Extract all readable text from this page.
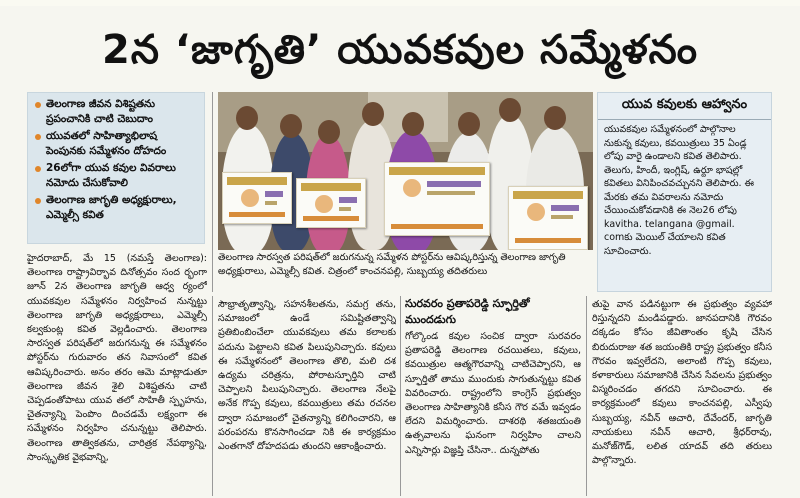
2న ‘జాగృతి’ యువకవుల సమ్మేళనం

తెలంగాణ జీవన విశిష్టతను ప్రపంచానికి చాటి చెబుదాం

యువతలో సాహిత్యాభిలాష పెంపునకు సమ్మేళనం దోహదం

26లోగా యువ కవుల వివరాలు నమోదు చేసుకోవాలి

తెలంగాణ జాగృతి అధ్యక్షురాలు, ఎమ్మెల్సీ కవిత

తెలంగాణ సారస్వత పరిషత్‌లో జరుగనున్న సమ్మేళన పోస్టర్‌ను ఆవిష్కరిస్తున్న తెలంగాణ జాగృతి అధ్యక్షురాలు, ఎమ్మెల్సీ కవిత. చిత్రంలో కాంచనపల్లి, సుబ్బయ్య తదితరులు
యువ కవులకు ఆహ్వానం

యువకవుల సమ్మేళనంలో పాల్గొనాల నుకున్న కవులు, కవయిత్రులు 35 ఏండ్ల లోపు వారై ఉండాలని కవిత తెలిపారు. తెలుగు, హిందీ, ఇంగ్లిష్, ఉర్దూ భాషల్లో కవితలు వినిపించవచ్చునని తెలిపారు. ఈ మేరకు తమ వివరాలను నమోదు చేయించుకోవడానికి ఈ నెల26 లోపు kavitha. telangana @gmail. comకు మెయిల్ చేయాలని కవిత సూచించారు.

హైదరాబాద్, మే 15 (నమస్తే తెలంగాణ): తెలంగాణ రాష్ట్రావిర్భావ దినోత్సవం సంద ర్భంగా జూన్ 2న తెలంగాణ జాగృతి ఆధ్వ ర్యంలో యువకవుల సమ్మేళనం నిర్వహించ నున్నట్టు తెలంగాణ జాగృతి అధ్యక్షురాలు, ఎమ్మెల్సీ కల్వకుంట్ల కవిత వెల్లడించారు. తెలంగాణ సారస్వత పరిషత్‌లో జరుగనున్న ఈ సమ్మేళనం పోస్టర్‌ను గురువారం తన నివాసంలో కవిత ఆవిష్కరించారు. అనం తరం ఆమె మాట్లాడుతూ తెలంగాణ జీవన శైలి విశిష్టతను చాటి చెప్పడంతోపాటు యువ తలో సాహితీ స్పృహను, చైతన్యాన్ని పెంపొం దించడమే లక్ష్యంగా ఈ సమ్మేళనం నిర్వహిం చనున్నట్టు తెలిపారు. తెలంగాణ తాత్వికతను, చారిత్రక నేపథ్యాన్ని, సాంస్కృతిక వైభవాన్ని,

సౌభ్రాతృత్వాన్ని, సహనశీలతను, సమగ్ర తను, సమాజంలో ఉండే సమిష్టితత్వాన్ని ప్రతిబింబించేలా యువకవులు తమ కలాలకు పదును పెట్టాలని కవిత పిలుపునిచ్చారు. కవులు ఈ సమ్మేళనంలో తెలంగాణ తొలి, మలి దశ ఉద్యమ చరిత్రను, పోరాటస్ఫూర్తిని చాటి చెప్పాలని పిలుపునిచ్చారు. తెలంగాణ నేలపై అనేక గొప్ప కవులు, కవయిత్రులు తమ రచనల ద్వారా సమాజంలో చైతన్యాన్ని కలిగించారని, ఆ పరంపరను కొనసాగించడా నికి ఈ కార్యక్రమం ఎంతగానో దోహదపడు తుందని ఆకాంక్షించారు.

సురవరం ప్రతాపరెడ్డి స్ఫూర్తితో ముందడుగు

గోల్కొండ కవుల సంచిక ద్వారా సురవరం ప్రతాపరెడ్డి తెలంగాణ రచయితలు, కవులు, కవయిత్రుల ఆత్మగౌరవాన్ని చాటిచెప్పారని, ఆ స్ఫూర్తితో తాము ముందుకు సాగుతున్నట్టు కవిత వివరించారు. రాష్ట్రంలోని కాంగ్రెస్ ప్రభుత్వం తెలంగాణ సాహిత్యానికి కనీస గౌర వమే ఇవ్వడం లేదని విమర్శించారు. దాశరథి శతజయంతి ఉత్సవాలను ఘనంగా నిర్వహిం చాలని ఎన్నిసార్లు విజ్ఞప్తి చేసినా.. దున్నపోతు

తుపై వాన పడినట్టుగా ఈ ప్రభుత్వం వ్యవహా రిస్తున్నదని మండిపడ్డారు. జానపదానికి గౌరవం దక్కడం కోసం జీవితాంతం కృషి చేసిన బిరుదురాజు శత జయంతికి రాష్ట్ర ప్రభుత్వం కనీస గౌరవం ఇవ్వలేదని, అలాంటి గొప్ప కవులు, కళాకారులు సమాజానికి చేసిన సేవలను ప్రభుత్వం విస్మరించడం తగదని సూచించారు. ఈ కార్యక్రమంలో కవులు కాంచనపల్లి, ఎస్వీపు సుబ్బయ్య, నవీన్ ఆచారి, దేవేందర్, జాగృతి నాయకులు నవీన్ ఆచారి, శ్రీధర్‌రావు, మనోజ్‌గౌడ్, లలిత యాదవ్ తది తరులు పాల్గొన్నారు.
